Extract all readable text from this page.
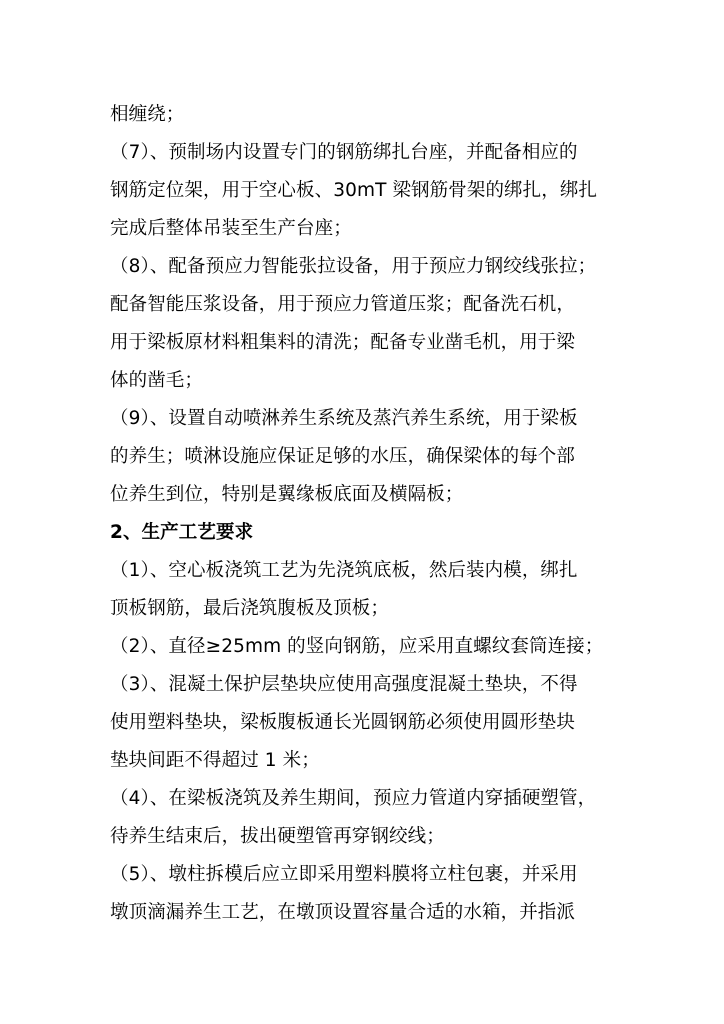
相缠绕；
（7）、预制场内设置专门的钢筋绑扎台座，并配备相应的
钢筋定位架，用于空心板、30mT 梁钢筋骨架的绑扎，绑扎
完成后整体吊装至生产台座；
（8）、配备预应力智能张拉设备，用于预应力钢绞线张拉；
配备智能压浆设备，用于预应力管道压浆；配备洗石机，
用于梁板原材料粗集料的清洗；配备专业凿毛机，用于梁
体的凿毛；
（9）、设置自动喷淋养生系统及蒸汽养生系统，用于梁板
的养生；喷淋设施应保证足够的水压，确保梁体的每个部
位养生到位，特别是翼缘板底面及横隔板；
2、生产工艺要求
（1）、空心板浇筑工艺为先浇筑底板，然后装内模，绑扎
顶板钢筋，最后浇筑腹板及顶板；
（2）、直径≥25mm 的竖向钢筋，应采用直螺纹套筒连接；
（3）、混凝土保护层垫块应使用高强度混凝土垫块，不得
使用塑料垫块，梁板腹板通长光圆钢筋必须使用圆形垫块
垫块间距不得超过 1 米；
（4）、在梁板浇筑及养生期间，预应力管道内穿插硬塑管，
待养生结束后，拔出硬塑管再穿钢绞线；
（5）、墩柱拆模后应立即采用塑料膜将立柱包裹，并采用
墩顶滴漏养生工艺，在墩顶设置容量合适的水箱，并指派
